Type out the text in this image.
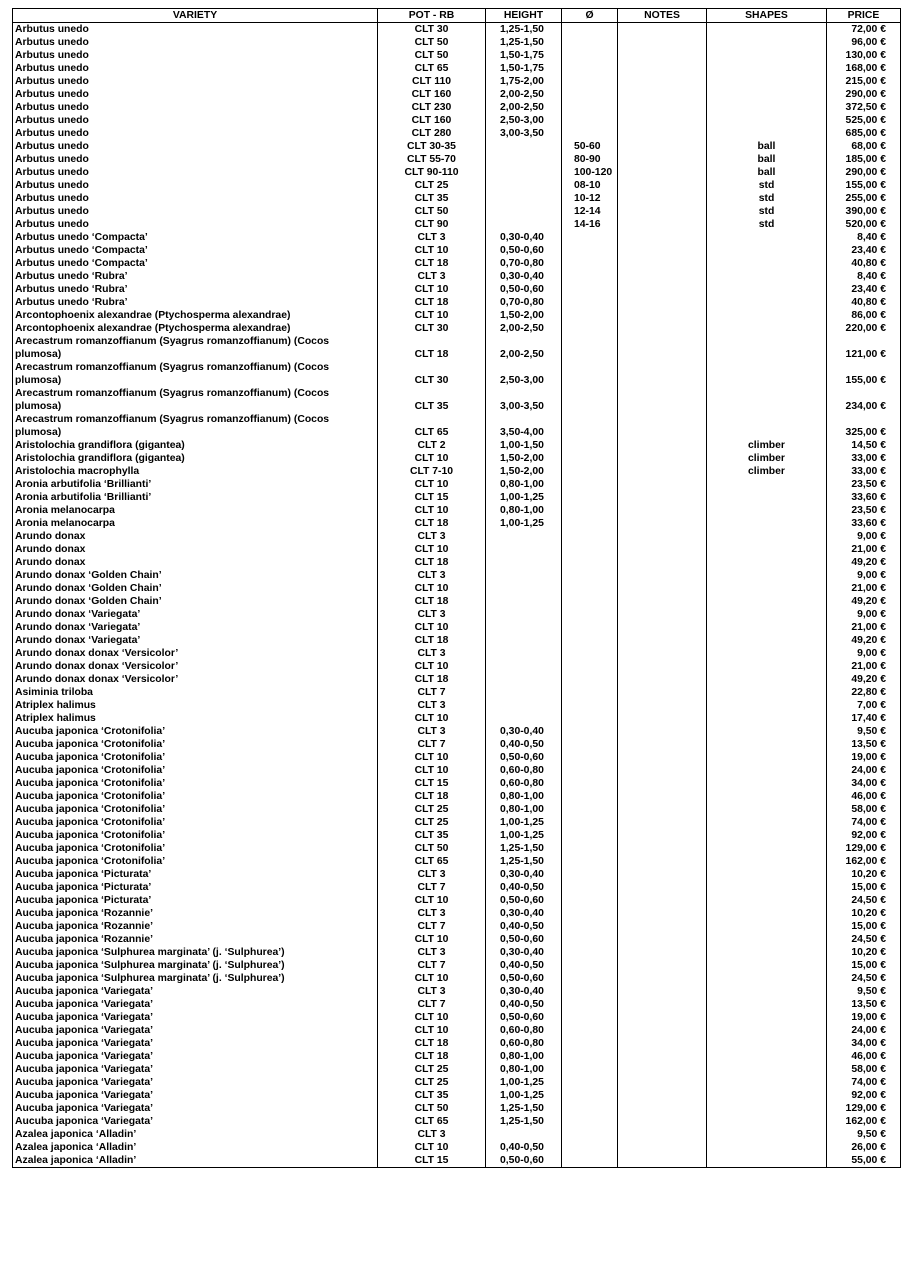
VARIETY	POT - RB	HEIGHT	Ø	NOTES	SHAPES	PRICE
Arbutus unedo	CLT 30	1,25-1,50				72,00 €
Arbutus unedo	CLT 50	1,25-1,50				96,00 €
Arbutus unedo	CLT 50	1,50-1,75				130,00 €
Arbutus unedo	CLT 65	1,50-1,75				168,00 €
Arbutus unedo	CLT 110	1,75-2,00				215,00 €
Arbutus unedo	CLT 160	2,00-2,50				290,00 €
Arbutus unedo	CLT 230	2,00-2,50				372,50 €
Arbutus unedo	CLT 160	2,50-3,00				525,00 €
Arbutus unedo	CLT 280	3,00-3,50				685,00 €
Arbutus unedo	CLT 30-35		50-60		ball	68,00 €
Arbutus unedo	CLT 55-70		80-90		ball	185,00 €
Arbutus unedo	CLT 90-110		100-120		ball	290,00 €
Arbutus unedo	CLT 25		08-10		std	155,00 €
Arbutus unedo	CLT 35		10-12		std	255,00 €
Arbutus unedo	CLT 50		12-14		std	390,00 €
Arbutus unedo	CLT 90		14-16		std	520,00 €
Arbutus unedo ‘Compacta’	CLT 3	0,30-0,40				8,40 €
Arbutus unedo ‘Compacta’	CLT 10	0,50-0,60				23,40 €
Arbutus unedo ‘Compacta’	CLT 18	0,70-0,80				40,80 €
Arbutus unedo ‘Rubra’	CLT 3	0,30-0,40				8,40 €
Arbutus unedo ‘Rubra’	CLT 10	0,50-0,60				23,40 €
Arbutus unedo ‘Rubra’	CLT 18	0,70-0,80				40,80 €
Arcontophoenix alexandrae (Ptychosperma alexandrae)	CLT 10	1,50-2,00				86,00 €
Arcontophoenix alexandrae (Ptychosperma alexandrae)	CLT 30	2,00-2,50				220,00 €
Arecastrum romanzoffianum (Syagrus romanzoffianum) (Cocos plumosa)	CLT 18	2,00-2,50				121,00 €
Arecastrum romanzoffianum (Syagrus romanzoffianum) (Cocos plumosa)	CLT 30	2,50-3,00				155,00 €
Arecastrum romanzoffianum (Syagrus romanzoffianum) (Cocos plumosa)	CLT 35	3,00-3,50				234,00 €
Arecastrum romanzoffianum (Syagrus romanzoffianum) (Cocos plumosa)	CLT 65	3,50-4,00				325,00 €
Aristolochia grandiflora (gigantea)	CLT 2	1,00-1,50			climber	14,50 €
Aristolochia grandiflora (gigantea)	CLT 10	1,50-2,00			climber	33,00 €
Aristolochia macrophylla	CLT 7-10	1,50-2,00			climber	33,00 €
Aronia arbutifolia ‘Brillianti’	CLT 10	0,80-1,00				23,50 €
Aronia arbutifolia ‘Brillianti’	CLT 15	1,00-1,25				33,60 €
Aronia melanocarpa	CLT 10	0,80-1,00				23,50 €
Aronia melanocarpa	CLT 18	1,00-1,25				33,60 €
Arundo donax	CLT 3					9,00 €
Arundo donax	CLT 10					21,00 €
Arundo donax	CLT 18					49,20 €
Arundo donax ‘Golden Chain’	CLT 3					9,00 €
Arundo donax ‘Golden Chain’	CLT 10					21,00 €
Arundo donax ‘Golden Chain’	CLT 18					49,20 €
Arundo donax ‘Variegata’	CLT 3					9,00 €
Arundo donax ‘Variegata’	CLT 10					21,00 €
Arundo donax ‘Variegata’	CLT 18					49,20 €
Arundo donax donax ‘Versicolor’	CLT 3					9,00 €
Arundo donax donax ‘Versicolor’	CLT 10					21,00 €
Arundo donax donax ‘Versicolor’	CLT 18					49,20 €
Asiminia triloba	CLT 7					22,80 €
Atriplex halimus	CLT 3					7,00 €
Atriplex halimus	CLT 10					17,40 €
Aucuba japonica ‘Crotonifolia’	CLT 3	0,30-0,40				9,50 €
Aucuba japonica ‘Crotonifolia’	CLT 7	0,40-0,50				13,50 €
Aucuba japonica ‘Crotonifolia’	CLT 10	0,50-0,60				19,00 €
Aucuba japonica ‘Crotonifolia’	CLT 10	0,60-0,80				24,00 €
Aucuba japonica ‘Crotonifolia’	CLT 15	0,60-0,80				34,00 €
Aucuba japonica ‘Crotonifolia’	CLT 18	0,80-1,00				46,00 €
Aucuba japonica ‘Crotonifolia’	CLT 25	0,80-1,00				58,00 €
Aucuba japonica ‘Crotonifolia’	CLT 25	1,00-1,25				74,00 €
Aucuba japonica ‘Crotonifolia’	CLT 35	1,00-1,25				92,00 €
Aucuba japonica ‘Crotonifolia’	CLT 50	1,25-1,50				129,00 €
Aucuba japonica ‘Crotonifolia’	CLT 65	1,25-1,50				162,00 €
Aucuba japonica ‘Picturata’	CLT 3	0,30-0,40				10,20 €
Aucuba japonica ‘Picturata’	CLT 7	0,40-0,50				15,00 €
Aucuba japonica ‘Picturata’	CLT 10	0,50-0,60				24,50 €
Aucuba japonica ‘Rozannie’	CLT 3	0,30-0,40				10,20 €
Aucuba japonica ‘Rozannie’	CLT 7	0,40-0,50				15,00 €
Aucuba japonica ‘Rozannie’	CLT 10	0,50-0,60				24,50 €
Aucuba japonica ‘Sulphurea marginata’ (j. ‘Sulphurea’)	CLT 3	0,30-0,40				10,20 €
Aucuba japonica ‘Sulphurea marginata’ (j. ‘Sulphurea’)	CLT 7	0,40-0,50				15,00 €
Aucuba japonica ‘Sulphurea marginata’ (j. ‘Sulphurea’)	CLT 10	0,50-0,60				24,50 €
Aucuba japonica ‘Variegata’	CLT 3	0,30-0,40				9,50 €
Aucuba japonica ‘Variegata’	CLT 7	0,40-0,50				13,50 €
Aucuba japonica ‘Variegata’	CLT 10	0,50-0,60				19,00 €
Aucuba japonica ‘Variegata’	CLT 10	0,60-0,80				24,00 €
Aucuba japonica ‘Variegata’	CLT 18	0,60-0,80				34,00 €
Aucuba japonica ‘Variegata’	CLT 18	0,80-1,00				46,00 €
Aucuba japonica ‘Variegata’	CLT 25	0,80-1,00				58,00 €
Aucuba japonica ‘Variegata’	CLT 25	1,00-1,25				74,00 €
Aucuba japonica ‘Variegata’	CLT 35	1,00-1,25				92,00 €
Aucuba japonica ‘Variegata’	CLT 50	1,25-1,50				129,00 €
Aucuba japonica ‘Variegata’	CLT 65	1,25-1,50				162,00 €
Azalea japonica ‘Alladin’	CLT 3					9,50 €
Azalea japonica ‘Alladin’	CLT 10	0,40-0,50				26,00 €
Azalea japonica ‘Alladin’	CLT 15	0,50-0,60				55,00 €
